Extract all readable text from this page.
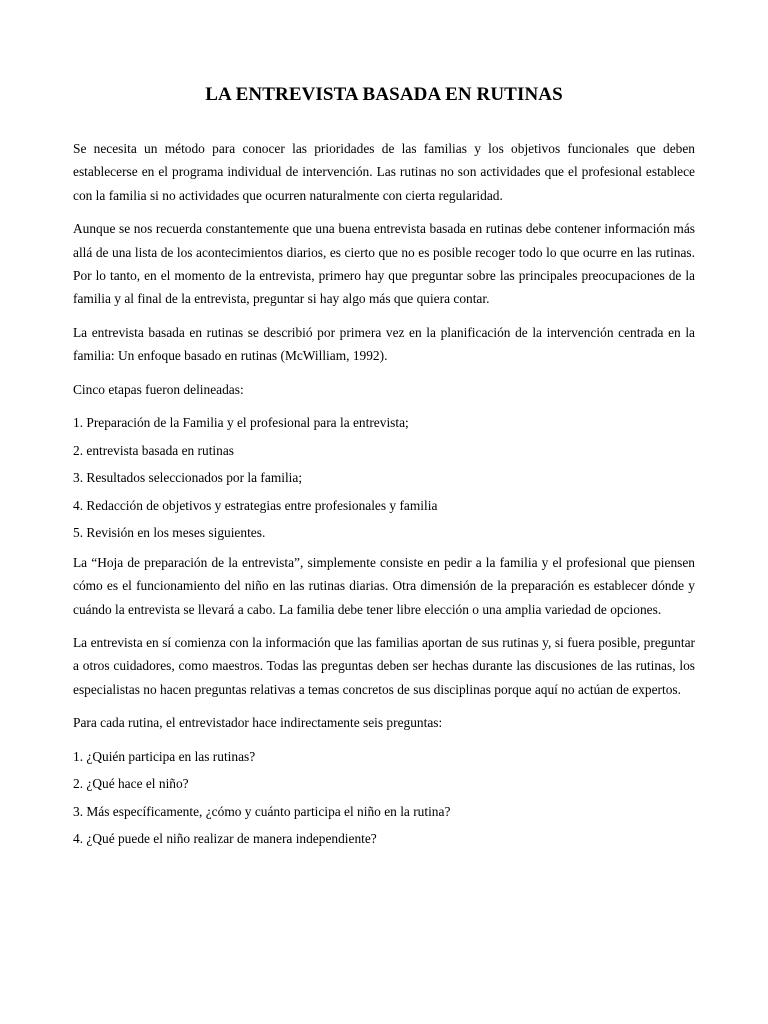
LA ENTREVISTA BASADA EN RUTINAS

Se necesita un método para conocer las prioridades de las familias y los objetivos funcionales que deben establecerse en el programa individual de intervención. Las rutinas no son actividades que el profesional establece con la familia si no actividades que ocurren naturalmente con cierta regularidad.

Aunque se nos recuerda constantemente que una buena entrevista basada en rutinas debe contener información más allá de una lista de los acontecimientos diarios, es cierto que no es posible recoger todo lo que ocurre en las rutinas. Por lo tanto, en el momento de la entrevista, primero hay que preguntar sobre las principales preocupaciones de la familia y al final de la entrevista, preguntar si hay algo más que quiera contar.

La entrevista basada en rutinas se describió por primera vez en la planificación de la intervención centrada en la familia: Un enfoque basado en rutinas (McWilliam, 1992).

Cinco etapas fueron delineadas:

1. Preparación de la Familia y el profesional para la entrevista;
2. entrevista basada en rutinas
3. Resultados seleccionados por la familia;
4. Redacción de objetivos y estrategias entre profesionales y familia
5. Revisión en los meses siguientes.

La “Hoja de preparación de la entrevista”, simplemente consiste en pedir a la familia y el profesional que piensen cómo es el funcionamiento del niño en las rutinas diarias. Otra dimensión de la preparación es establecer dónde y cuándo la entrevista se llevará a cabo. La familia debe tener libre elección o una amplia variedad de opciones.

La entrevista en sí comienza con la información que las familias aportan de sus rutinas y, si fuera posible, preguntar a otros cuidadores, como maestros. Todas las preguntas deben ser hechas durante las discusiones de las rutinas, los especialistas no hacen preguntas relativas a temas concretos de sus disciplinas porque aquí no actúan de expertos.

Para cada rutina, el entrevistador hace indirectamente seis preguntas:

1. ¿Quién participa en las rutinas?
2. ¿Qué hace el niño?
3. Más específicamente, ¿cómo y cuánto participa el niño en la rutina?
4. ¿Qué puede el niño realizar de manera independiente?
